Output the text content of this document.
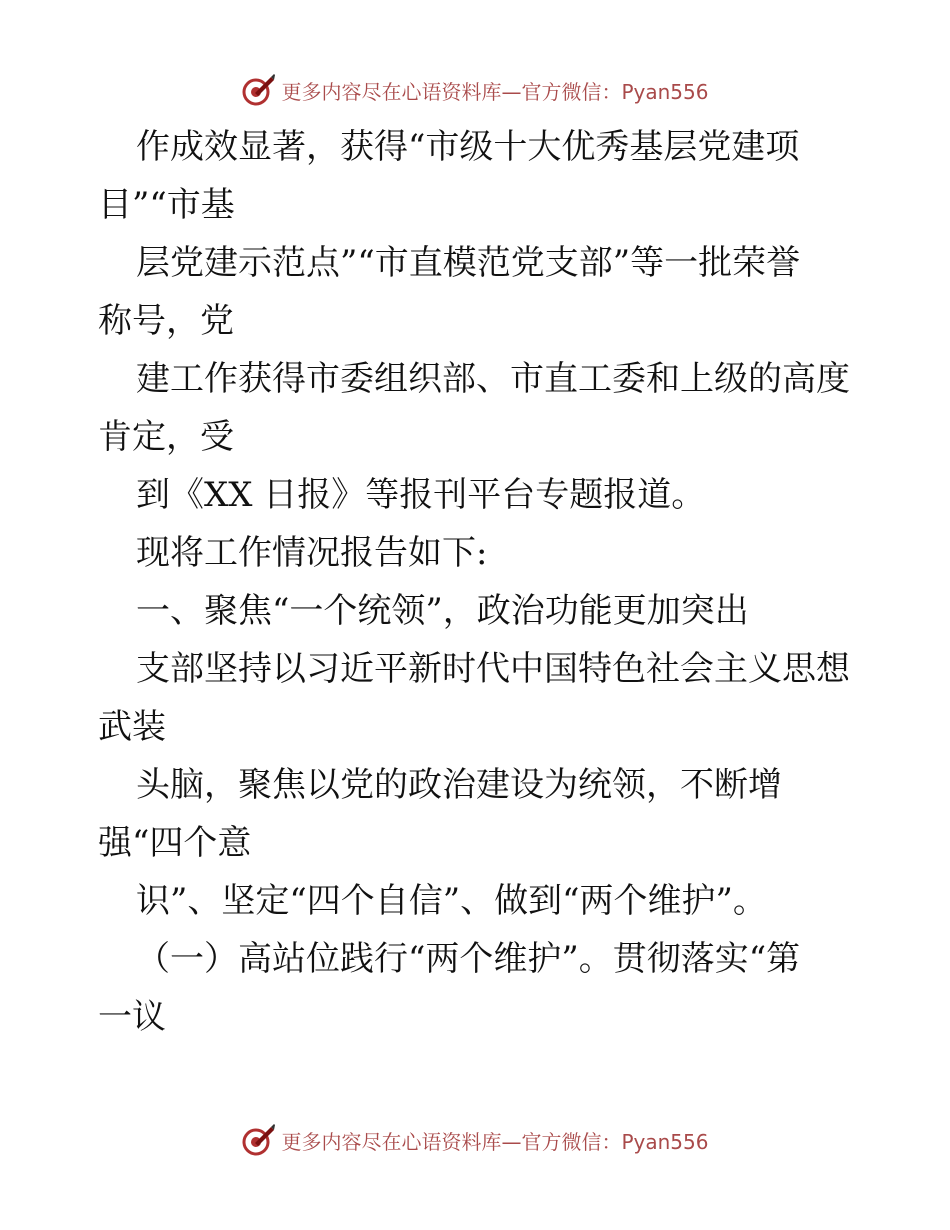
更多内容尽在心语资料库—官方微信：Pyan556
作成效显著，获得“市级十大优秀基层党建项
目”“市基
层党建示范点”“市直模范党支部”等一批荣誉
称号，党
建工作获得市委组织部、市直工委和上级的高度
肯定，受
到《XX 日报》等报刊平台专题报道。
现将工作情况报告如下:
一、聚焦“一个统领”，政治功能更加突出
支部坚持以习近平新时代中国特色社会主义思想
武装
头脑，聚焦以党的政治建设为统领，不断增
强“四个意
识”、坚定“四个自信”、做到“两个维护”。
（一）高站位践行“两个维护”。贯彻落实“第
一议
更多内容尽在心语资料库—官方微信：Pyan556
